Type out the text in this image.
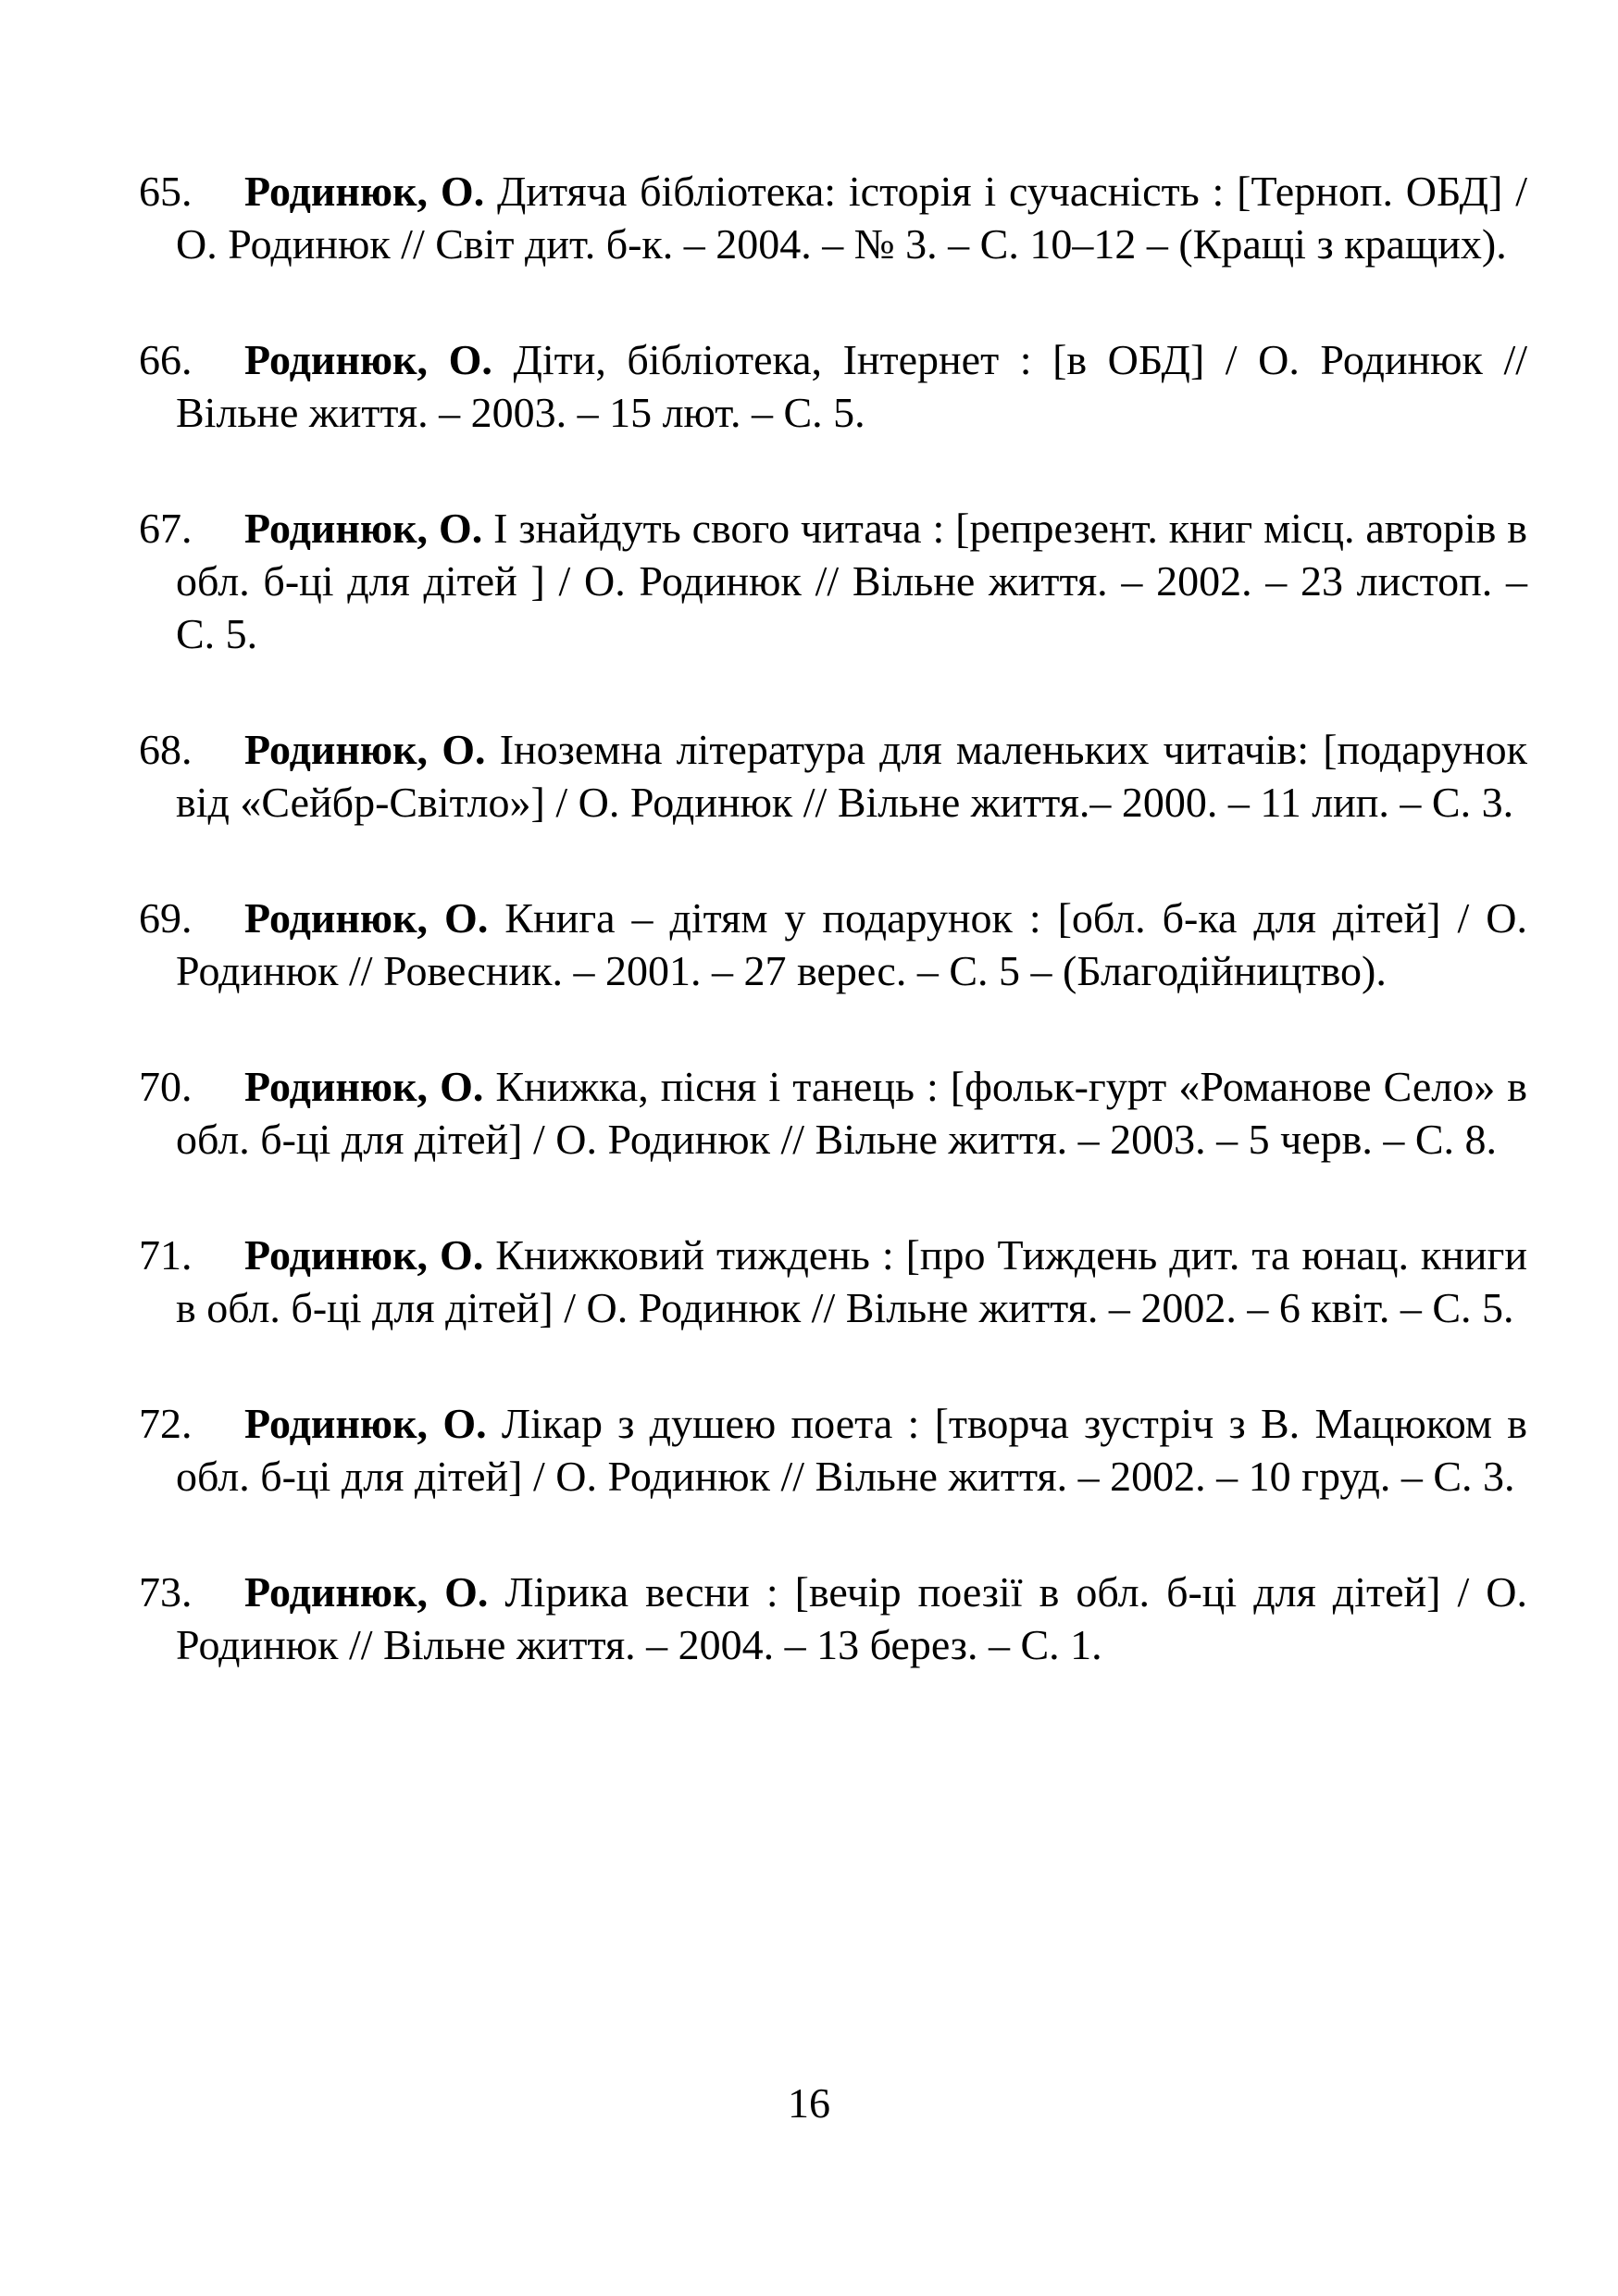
65. Родинюк, О. Дитяча бібліотека: історія і сучасність : [Терноп. ОБД] / О. Родинюк // Світ дит. б-к. – 2004. – № 3. – С. 10–12 – (Кращі з кращих).
66. Родинюк, О. Діти, бібліотека, Інтернет : [в ОБД] / О. Родинюк // Вільне життя. – 2003. – 15 лют. – С. 5.
67. Родинюк, О. І знайдуть свого читача : [репрезент. книг місц. авторів в обл. б-ці для дітей ] / О. Родинюк // Вільне життя. – 2002. – 23 листоп. – С. 5.
68. Родинюк, О. Іноземна література для маленьких читачів: [подарунок від «Сейбр-Світло»] / О. Родинюк // Вільне життя.– 2000. – 11 лип. – С. 3.
69. Родинюк, О. Книга – дітям у подарунок : [обл. б-ка для дітей] / О. Родинюк // Ровесник. – 2001. – 27 верес. – С. 5 – (Благодійництво).
70. Родинюк, О. Книжка, пісня і танець : [фольк-гурт «Романове Село» в обл. б-ці для дітей] / О. Родинюк // Вільне життя. – 2003. – 5 черв. – С. 8.
71. Родинюк, О. Книжковий тиждень : [про Тиждень дит. та юнац. книги в обл. б-ці для дітей] / О. Родинюк // Вільне життя. – 2002. – 6 квіт. – С. 5.
72. Родинюк, О. Лікар з душею поета : [творча зустріч з В. Мацюком в обл. б-ці для дітей] / О. Родинюк // Вільне життя. – 2002. – 10 груд. – С. 3.
73. Родинюк, О. Лірика весни : [вечір поезії в обл. б-ці для дітей] / О. Родинюк // Вільне життя. – 2004. – 13 берез. – С. 1.
16
